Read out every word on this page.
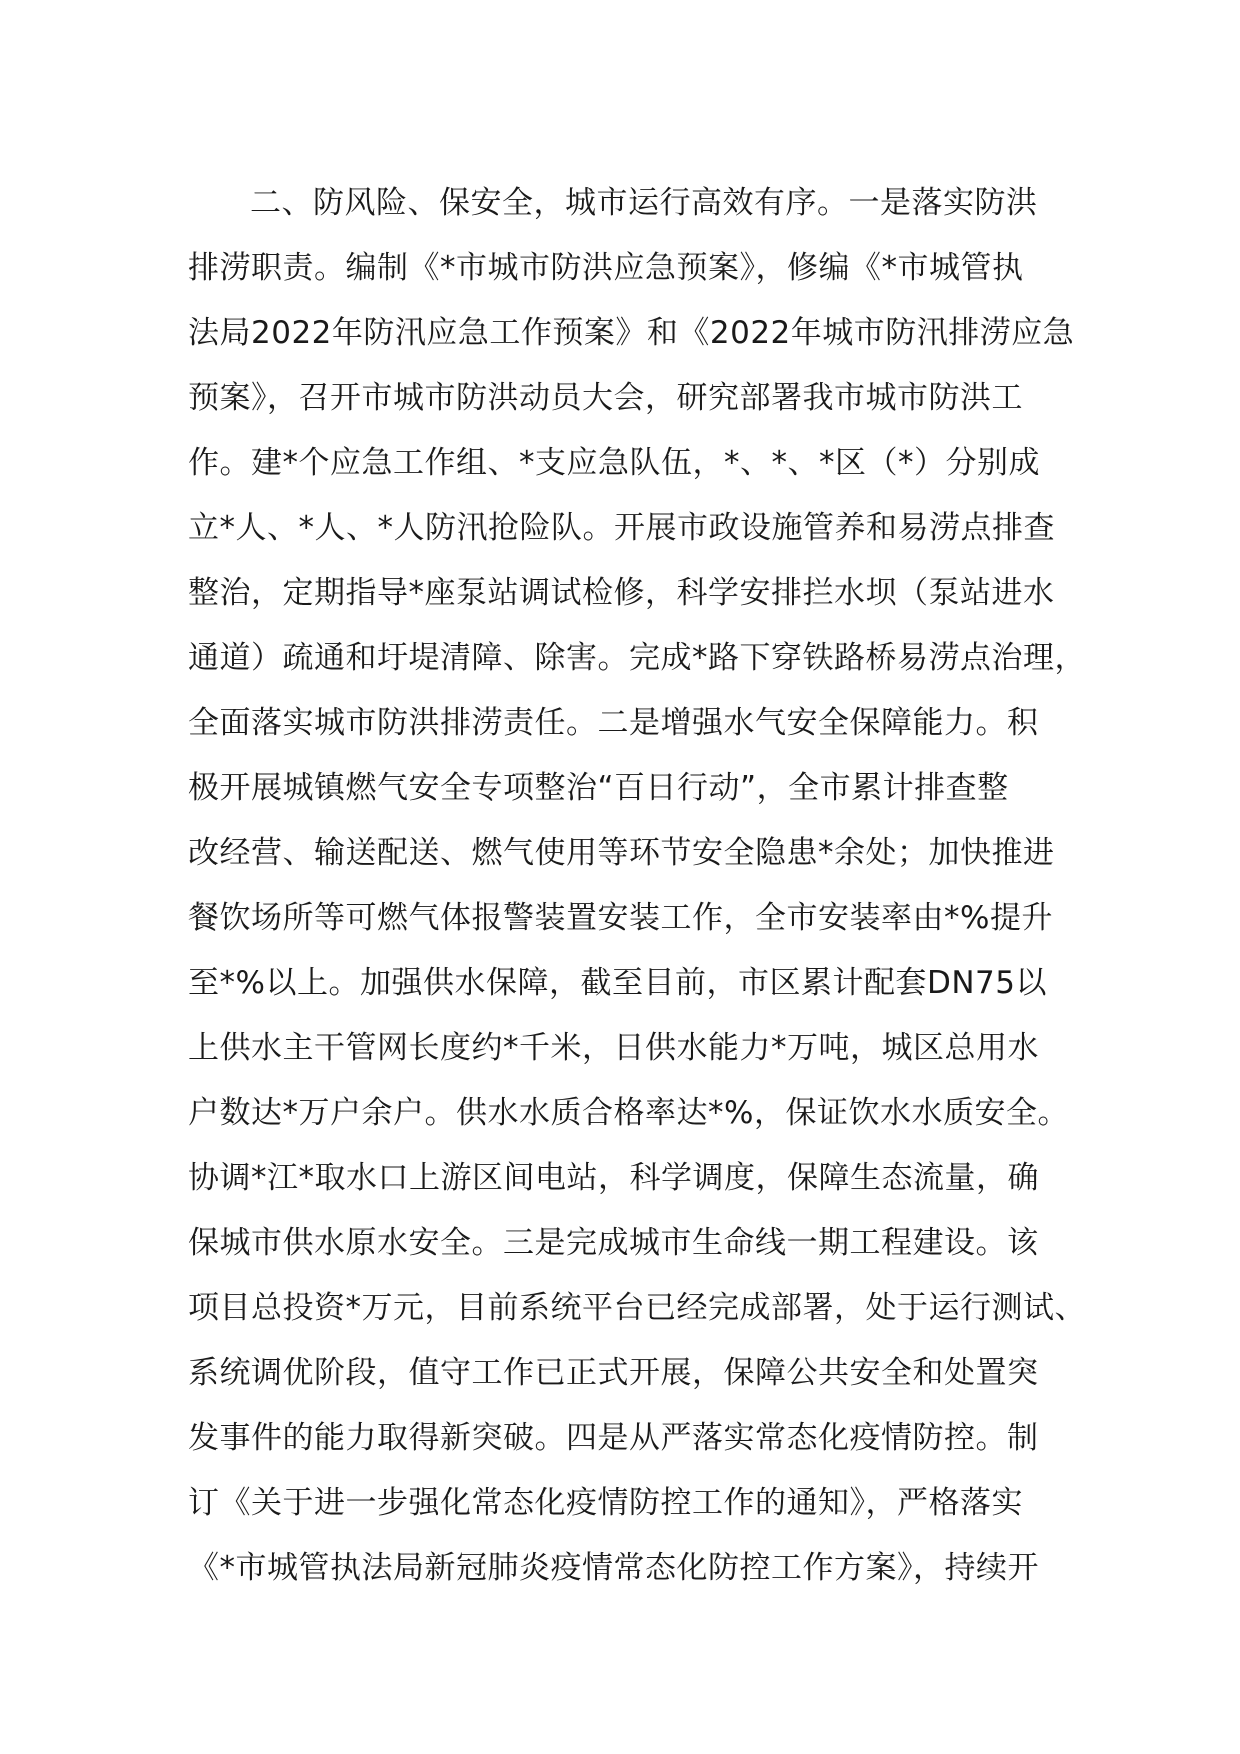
二、防风险、保安全，城市运行高效有序。一是落实防洪
排涝职责。编制《*市城市防洪应急预案》，修编《*市城管执
法局2022年防汛应急工作预案》和《2022年城市防汛排涝应急
预案》，召开市城市防洪动员大会，研究部署我市城市防洪工
作。建*个应急工作组、*支应急队伍，*、*、*区（*）分别成
立*人、*人、*人防汛抢险队。开展市政设施管养和易涝点排查
整治，定期指导*座泵站调试检修，科学安排拦水坝（泵站进水
通道）疏通和圩堤清障、除害。完成*路下穿铁路桥易涝点治理，
全面落实城市防洪排涝责任。二是增强水气安全保障能力。积
极开展城镇燃气安全专项整治“百日行动”，全市累计排查整
改经营、输送配送、燃气使用等环节安全隐患*余处；加快推进
餐饮场所等可燃气体报警装置安装工作，全市安装率由*%提升
至*%以上。加强供水保障，截至目前，市区累计配套DN75以
上供水主干管网长度约*千米，日供水能力*万吨，城区总用水
户数达*万户余户。供水水质合格率达*%，保证饮水水质安全。
协调*江*取水口上游区间电站，科学调度，保障生态流量，确
保城市供水原水安全。三是完成城市生命线一期工程建设。该
项目总投资*万元，目前系统平台已经完成部署，处于运行测试、
系统调优阶段，值守工作已正式开展，保障公共安全和处置突
发事件的能力取得新突破。四是从严落实常态化疫情防控。制
订《关于进一步强化常态化疫情防控工作的通知》，严格落实
《*市城管执法局新冠肺炎疫情常态化防控工作方案》，持续开
